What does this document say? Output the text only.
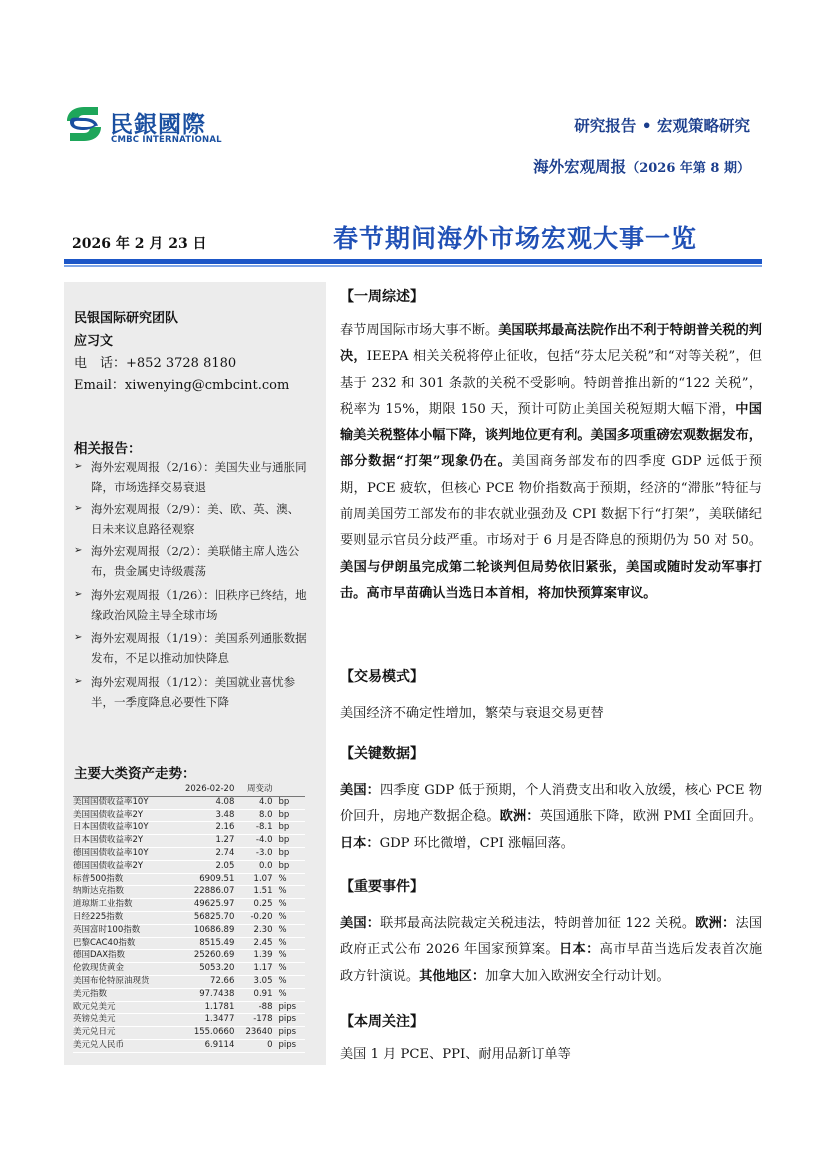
民銀國際
CMBC INTERNATIONAL
研究报告 • 宏观策略研究
海外宏观周报（2026 年第 8 期）
2026 年 2 月 23 日	春节期间海外市场宏观大事一览
民银国际研究团队
应习文
电　话：+852 3728 8180
Email：xiwenying@cmbcint.com
相关报告：
➢ 海外宏观周报（2/16）：美国失业与通胀同降，市场选择交易衰退
➢ 海外宏观周报（2/9）：美、欧、英、澳、日未来议息路径观察
➢ 海外宏观周报（2/2）：美联储主席人选公布，贵金属史诗级震荡
➢ 海外宏观周报（1/26）：旧秩序已终结，地缘政治风险主导全球市场
➢ 海外宏观周报（1/19）：美国系列通胀数据发布，不足以推动加快降息
➢ 海外宏观周报（1/12）：美国就业喜忧参半，一季度降息必要性下降
主要大类资产走势：
	2026-02-20	周变动	
美国国债收益率10Y	4.08	4.0	bp
美国国债收益率2Y	3.48	8.0	bp
日本国债收益率10Y	2.16	-8.1	bp
日本国债收益率2Y	1.27	-4.0	bp
德国国债收益率10Y	2.74	-3.0	bp
德国国债收益率2Y	2.05	0.0	bp
标普500指数	6909.51	1.07	%
纳斯达克指数	22886.07	1.51	%
道琼斯工业指数	49625.97	0.25	%
日经225指数	56825.70	-0.20	%
英国富时100指数	10686.89	2.30	%
巴黎CAC40指数	8515.49	2.45	%
德国DAX指数	25260.69	1.39	%
伦敦现货黄金	5053.20	1.17	%
美国布伦特原油现货	72.66	3.05	%
美元指数	97.7438	0.91	%
欧元兑美元	1.1781	-88	pips
英镑兑美元	1.3477	-178	pips
美元兑日元	155.0660	23640	pips
美元兑人民币	6.9114	0	pips
【一周综述】
春节周国际市场大事不断。美国联邦最高法院作出不利于特朗普关税的判决，IEEPA 相关关税将停止征收，包括“芬太尼关税”和“对等关税”，但基于 232 和 301 条款的关税不受影响。特朗普推出新的“122 关税”，税率为 15%，期限 150 天，预计可防止美国关税短期大幅下滑，中国输美关税整体小幅下降，谈判地位更有利。美国多项重磅宏观数据发布，部分数据“打架”现象仍在。美国商务部发布的四季度 GDP 远低于预期，PCE 疲软，但核心 PCE 物价指数高于预期，经济的“滞胀”特征与前周美国劳工部发布的非农就业强劲及 CPI 数据下行“打架”，美联储纪要则显示官员分歧严重。市场对于 6 月是否降息的预期仍为 50 对 50。美国与伊朗虽完成第二轮谈判但局势依旧紧张，美国或随时发动军事打击。高市早苗确认当选日本首相，将加快预算案审议。
【交易模式】
美国经济不确定性增加，繁荣与衰退交易更替
【关键数据】
美国：四季度 GDP 低于预期，个人消费支出和收入放缓，核心 PCE 物价回升，房地产数据企稳。欧洲：英国通胀下降，欧洲 PMI 全面回升。日本：GDP 环比微增，CPI 涨幅回落。
【重要事件】
美国：联邦最高法院裁定关税违法，特朗普加征 122 关税。欧洲：法国政府正式公布 2026 年国家预算案。日本：高市早苗当选后发表首次施政方针演说。其他地区：加拿大加入欧洲安全行动计划。
【本周关注】
美国 1 月 PCE、PPI、耐用品新订单等
